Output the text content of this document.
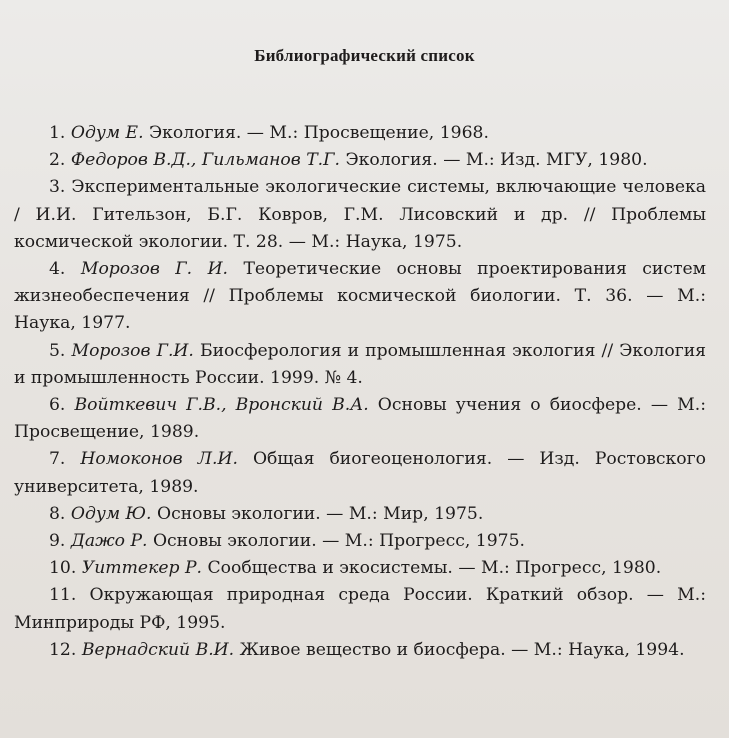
Библиографический список

1. Одум Е. Экология. — М.: Просвещение, 1968.

2. Федоров В.Д., Гильманов Т.Г. Экология. — М.: Изд. МГУ, 1980.

3. Экспериментальные экологические системы, включающие человека / И.И. Гительзон, Б.Г. Ковров, Г.М. Лисовский и др. // Проблемы космической экологии. Т. 28. — М.: Наука, 1975.

4. Морозов Г. И. Теоретические основы проектирования систем жизнеобеспечения // Проблемы космической биологии. Т. 36. — М.: Наука, 1977.

5. Морозов Г.И. Биосферология и промышленная экология // Экология и промышленность России. 1999. № 4.

6. Войткевич Г.В., Вронский В.А. Основы учения о биосфере. — М.: Просвещение, 1989.

7. Номоконов Л.И. Общая биогеоценология. — Изд. Ростовского университета, 1989.

8. Одум Ю. Основы экологии. — М.: Мир, 1975.

9. Дажо Р. Основы экологии. — М.: Прогресс, 1975.

10. Уиттекер Р. Сообщества и экосистемы. — М.: Прогресс, 1980.

11. Окружающая природная среда России. Краткий обзор. — М.: Минприроды РФ, 1995.

12. Вернадский В.И. Живое вещество и биосфера. — М.: Наука, 1994.
